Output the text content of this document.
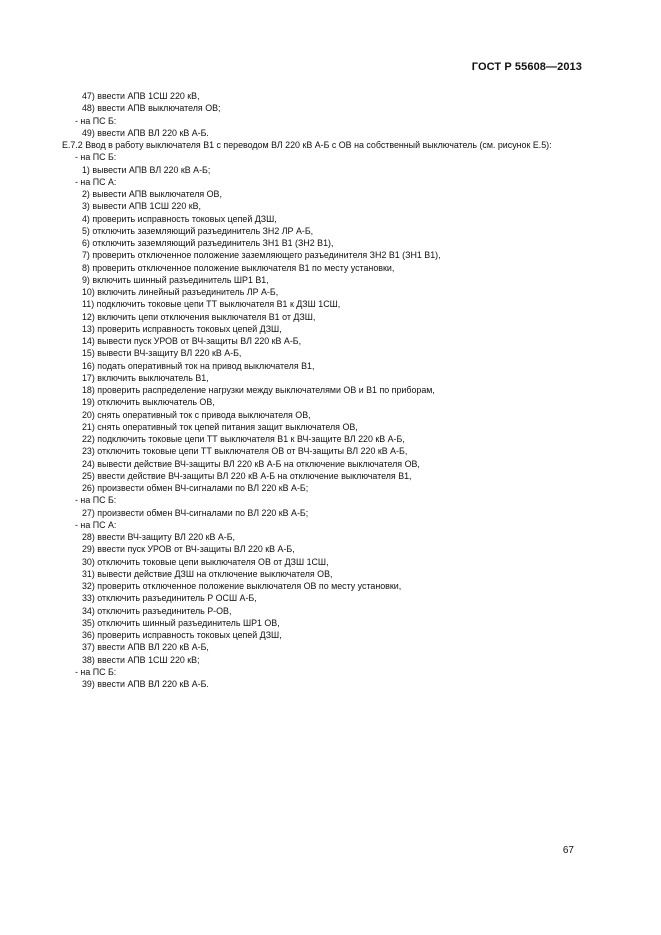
ГОСТ Р 55608—2013
47) ввести АПВ 1СШ 220 кВ,
48) ввести АПВ выключателя ОВ;
- на ПС Б:
49) ввести АПВ ВЛ 220 кВ А-Б.
Е.7.2 Ввод в работу выключателя В1 с переводом ВЛ 220 кВ А-Б с ОВ на собственный выключатель (см. рисунок Е.5):
- на ПС Б:
1) вывести АПВ ВЛ 220 кВ А-Б;
- на ПС А:
2) вывести АПВ выключателя ОВ,
3) вывести АПВ 1СШ 220 кВ,
4) проверить исправность токовых цепей ДЗШ,
5) отключить заземляющий разъединитель ЗН2 ЛР А-Б,
6) отключить заземляющий разъединитель ЗН1 В1 (ЗН2 В1),
7) проверить отключенное положение заземляющего разъединителя ЗН2 В1 (ЗН1 В1),
8) проверить отключенное положение выключателя В1 по месту установки,
9) включить шинный разъединитель ШР1 В1,
10) включить линейный разъединитель ЛР А-Б,
11) подключить токовые цепи ТТ выключателя В1 к ДЗШ 1СШ,
12) включить цепи отключения выключателя В1 от ДЗШ,
13) проверить исправность токовых цепей ДЗШ,
14) вывести пуск УРОВ от ВЧ-защиты ВЛ 220 кВ А-Б,
15) вывести ВЧ-защиту ВЛ 220 кВ А-Б,
16) подать оперативный ток на привод выключателя В1,
17) включить выключатель В1,
18) проверить распределение нагрузки между выключателями ОВ и В1 по приборам,
19) отключить выключатель ОВ,
20) снять оперативный ток с привода выключателя ОВ,
21) снять оперативный ток цепей питания защит выключателя ОВ,
22) подключить токовые цепи ТТ выключателя В1 к ВЧ-защите ВЛ 220 кВ А-Б,
23) отключить токовые цепи ТТ выключателя ОВ от ВЧ-защиты ВЛ 220 кВ А-Б,
24) вывести действие ВЧ-защиты ВЛ 220 кВ А-Б на отключение выключателя ОВ,
25) ввести действие ВЧ-защиты ВЛ 220 кВ А-Б на отключение выключателя В1,
26) произвести обмен ВЧ-сигналами по ВЛ 220 кВ А-Б;
- на ПС Б:
27) произвести обмен ВЧ-сигналами по ВЛ 220 кВ А-Б;
- на ПС А:
28) ввести ВЧ-защиту ВЛ 220 кВ А-Б,
29) ввести пуск УРОВ от ВЧ-защиты ВЛ 220 кВ А-Б,
30) отключить токовые цепи выключателя ОВ от ДЗШ 1СШ,
31) вывести действие ДЗШ на отключение выключателя ОВ,
32) проверить отключенное положение выключателя ОВ по месту установки,
33) отключить разъединитель Р ОСШ А-Б,
34) отключить разъединитель Р-ОВ,
35) отключить шинный разъединитель ШР1 ОВ,
36) проверить исправность токовых цепей ДЗШ,
37) ввести АПВ ВЛ 220 кВ А-Б,
38) ввести АПВ 1СШ 220 кВ;
- на ПС Б:
39) ввести АПВ ВЛ 220 кВ А-Б.
67
